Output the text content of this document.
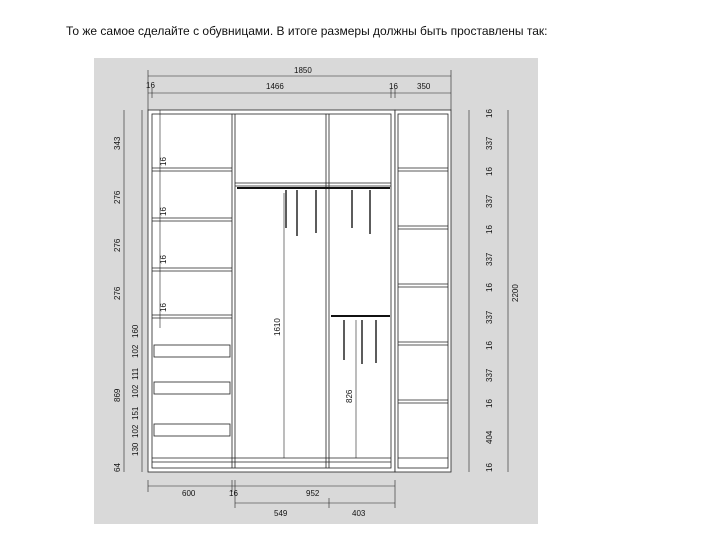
То же самое сделайте с обувницами. В итоге размеры должны быть проставлены так:
16
1850
1466	16 350
343
16
276
16
276
16
276
16
869
160
102
111
102
151
102
130
64
16
337
16
337
16
337
16
337
16
337
16
404
16
2200
1610
826
600	16	952
549	403
